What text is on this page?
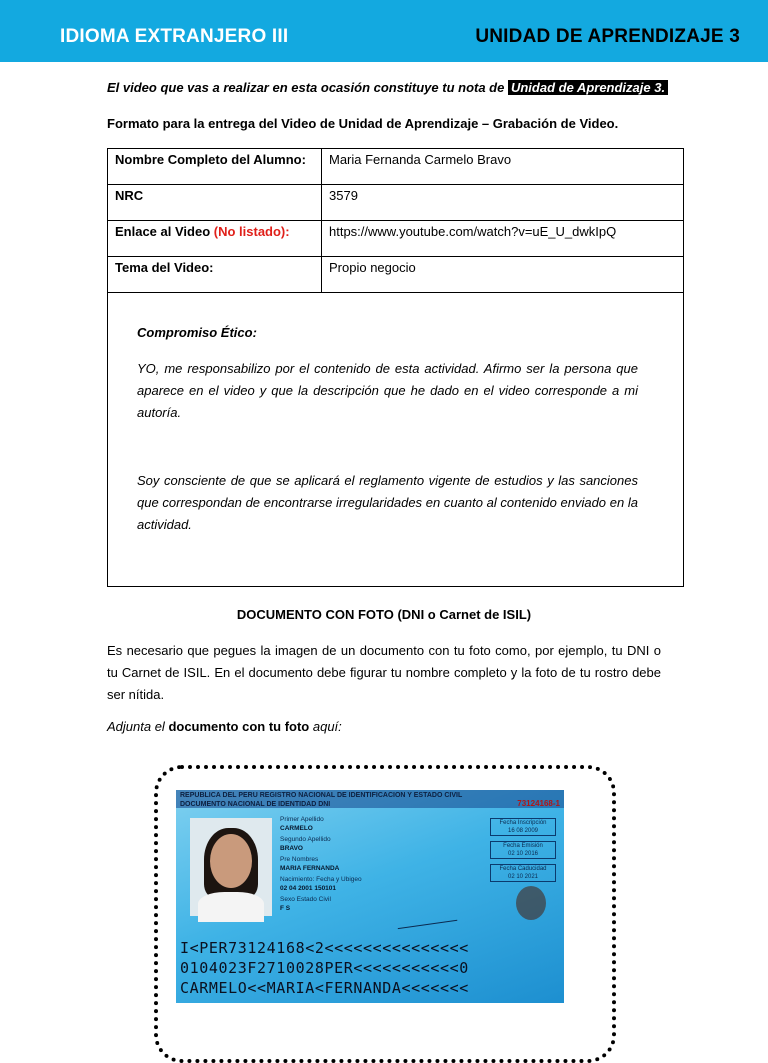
IDIOMA EXTRANJERO III	UNIDAD DE APRENDIZAJE 3
El video que vas a realizar en esta ocasión constituye tu nota de Unidad de Aprendizaje 3.
Formato para la entrega del Video de Unidad de Aprendizaje – Grabación de Video.
Nombre Completo del Alumno:	Maria Fernanda Carmelo Bravo
NRC	3579
Enlace al Video (No listado):	https://www.youtube.com/watch?v=uE_U_dwkIpQ
Tema del Video:	Propio negocio

Compromiso Ético:

YO, me responsabilizo por el contenido de esta actividad. Afirmo ser la persona que aparece en el video y que la descripción que he dado en el video corresponde a mi autoría.

Soy consciente de que se aplicará el reglamento vigente de estudios y las sanciones que correspondan de encontrarse irregularidades en cuanto al contenido enviado en la actividad.

DOCUMENTO CON FOTO (DNI o Carnet de ISIL)
Es necesario que pegues la imagen de un documento con tu foto como, por ejemplo, tu DNI o tu Carnet de ISIL. En el documento debe figurar tu nombre completo y la foto de tu rostro debe ser nítida.
Adjunta el documento con tu foto aquí:
REPUBLICA DEL PERU REGISTRO NACIONAL DE IDENTIFICACION Y ESTADO CIVIL
DOCUMENTO NACIONAL DE IDENTIDAD DNI	73124168-1
Primer Apellido
CARMELO
Segundo Apellido
BRAVO
Pre Nombres
MARIA FERNANDA
Nacimiento: Fecha y Ubigeo
02 04 2001 150101
Sexo Estado Civil
F S
Fecha Inscripción
16 08 2009
Fecha Emisión
02 10 2016
Fecha Caducidad
02 10 2021
I<PER73124168<2<<<<<<<<<<<<<<<
0104023F2710028PER<<<<<<<<<<<0
CARMELO<<MARIA<FERNANDA<<<<<<<
